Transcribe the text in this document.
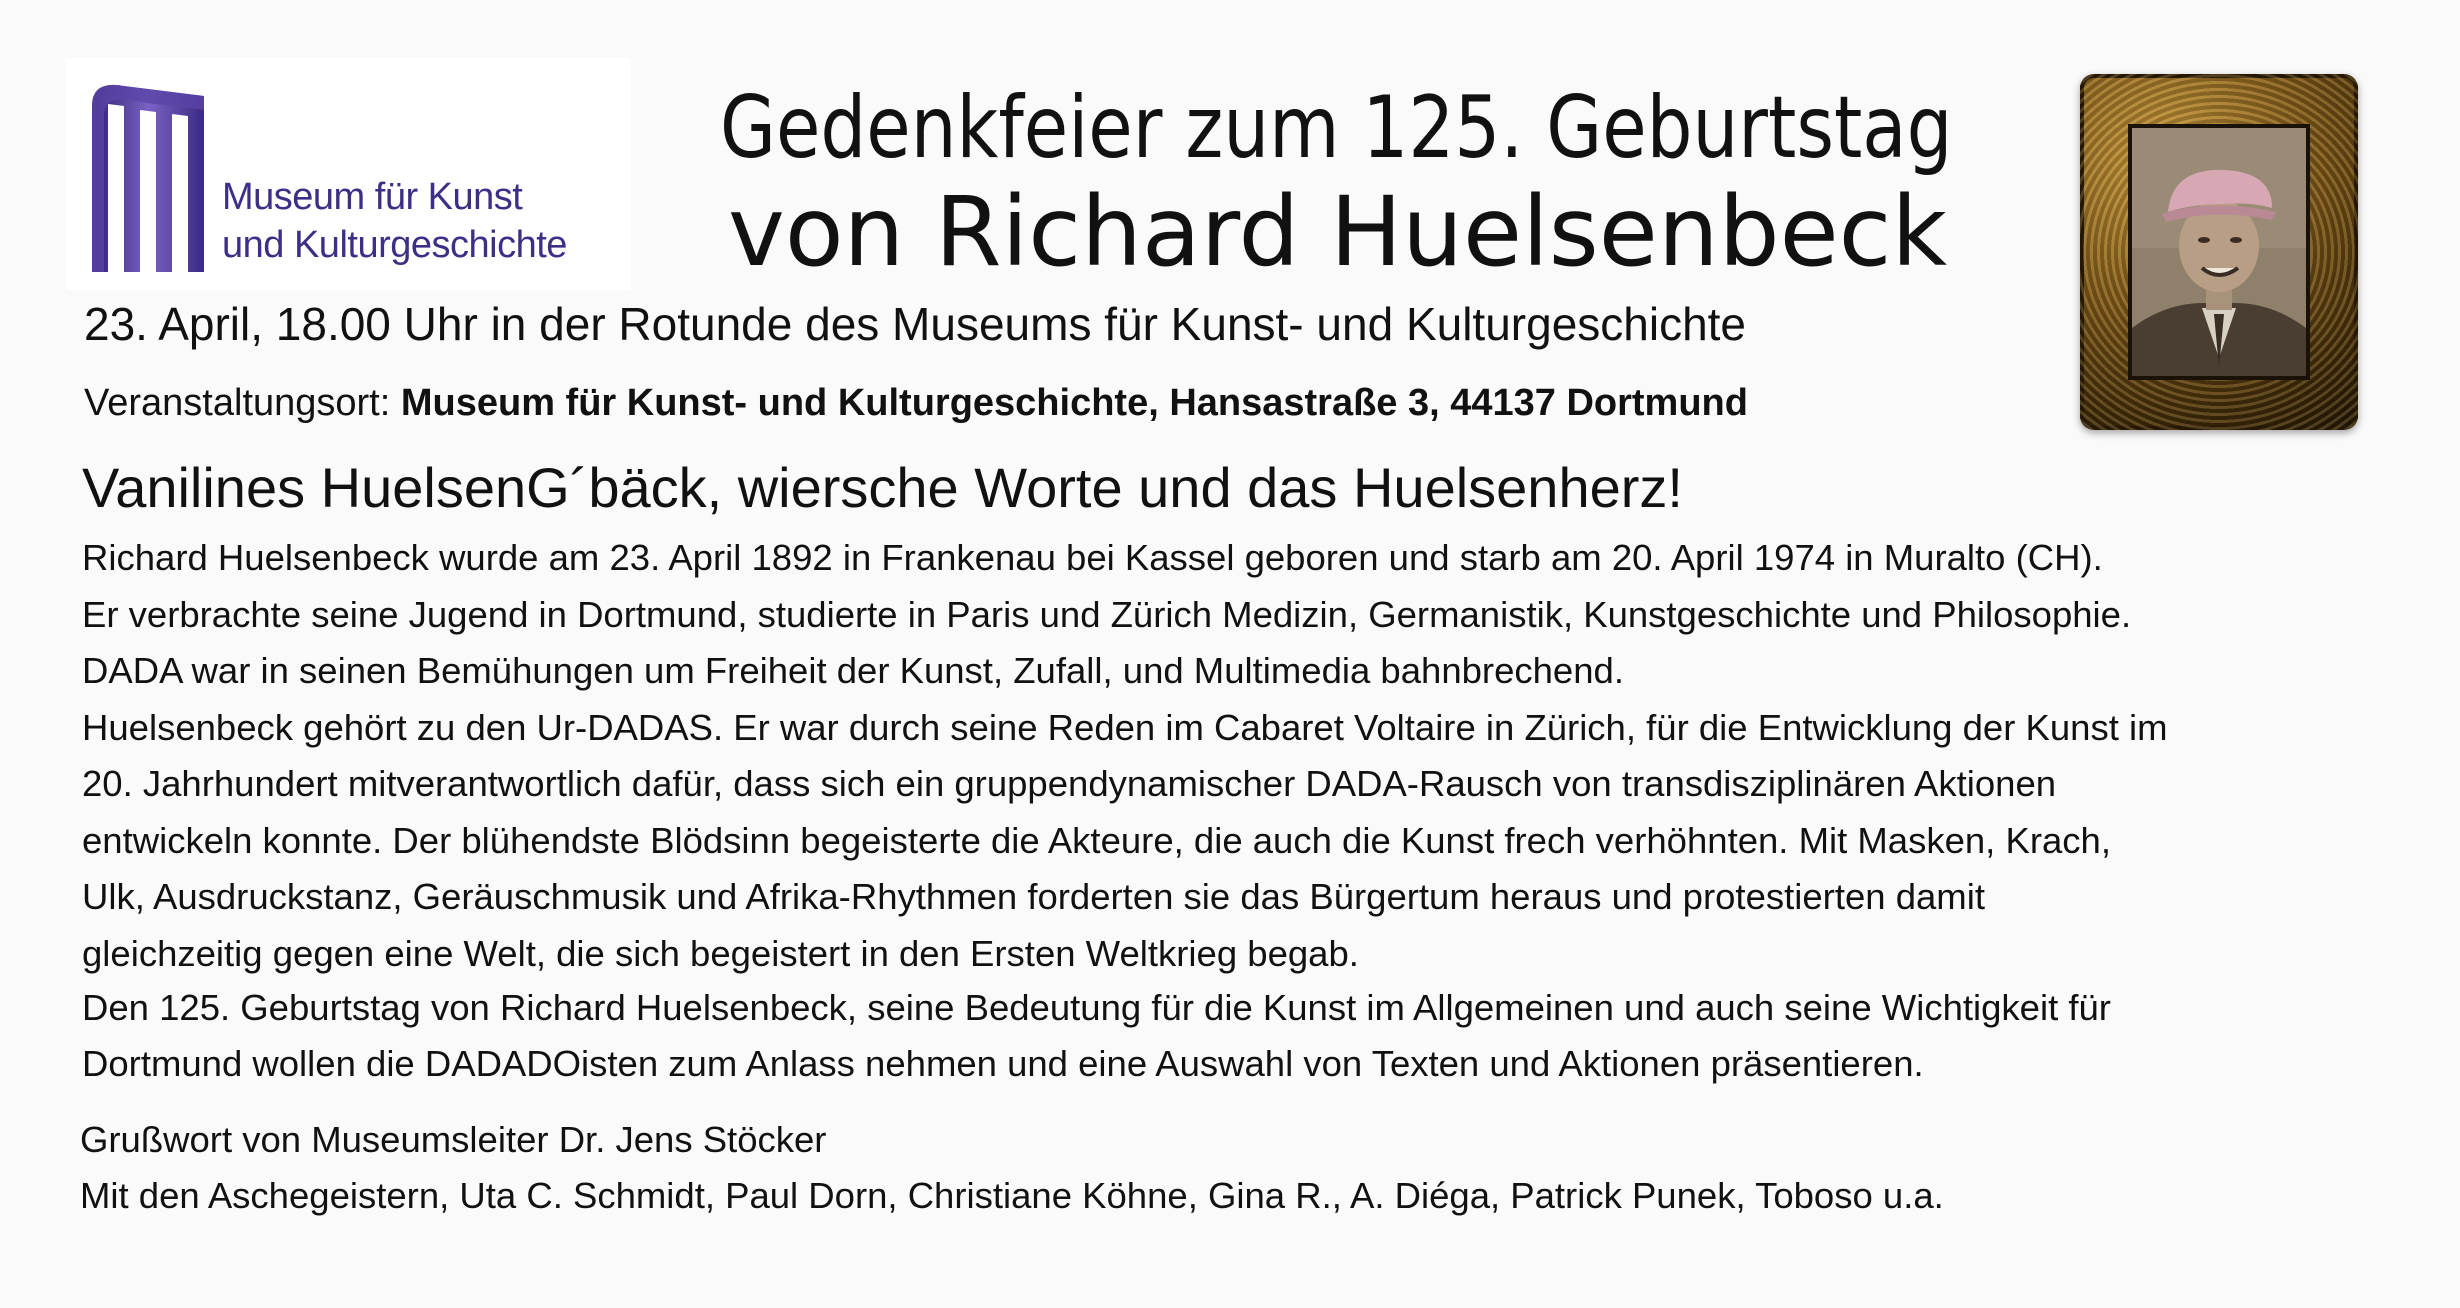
Museum für Kunst
und Kulturgeschichte
Gedenkfeier zum 125. Geburtstag
von Richard Huelsenbeck
23. April, 18.00 Uhr in der Rotunde des Museums für Kunst- und Kulturgeschichte
Veranstaltungsort: Museum für Kunst- und Kulturgeschichte, Hansastraße 3, 44137 Dortmund
Vanilines HuelsenG´bäck, wiersche Worte und das Huelsenherz!

Richard Huelsenbeck wurde am 23. April 1892 in Frankenau bei Kassel geboren und starb am 20. April 1974 in Muralto (CH).

Er verbrachte seine Jugend in Dortmund, studierte in Paris und Zürich Medizin, Germanistik, Kunstgeschichte und Philosophie.

DADA war in seinen Bemühungen um Freiheit der Kunst, Zufall, und Multimedia bahnbrechend.

Huelsenbeck gehört zu den Ur-DADAS. Er war durch seine Reden im Cabaret Voltaire in Zürich, für die Entwicklung der Kunst im

20. Jahrhundert mitverantwortlich dafür, dass sich ein gruppendynamischer DADA-Rausch von transdisziplinären Aktionen

entwickeln konnte. Der blühendste Blödsinn begeisterte die Akteure, die auch die Kunst frech verhöhnten. Mit Masken, Krach,

Ulk, Ausdruckstanz, Geräuschmusik und Afrika-Rhythmen forderten sie das Bürgertum heraus und protestierten damit

gleichzeitig gegen eine Welt, die sich begeistert in den Ersten Weltkrieg begab.

Den 125. Geburtstag von Richard Huelsenbeck, seine Bedeutung für die Kunst im Allgemeinen und auch seine Wichtigkeit für

Dortmund wollen die DADADOisten zum Anlass nehmen und eine Auswahl von Texten und Aktionen präsentieren.

Grußwort von Museumsleiter Dr. Jens Stöcker

Mit den Aschegeistern, Uta C. Schmidt, Paul Dorn, Christiane Köhne, Gina R., A. Diéga, Patrick Punek, Toboso u.a.
